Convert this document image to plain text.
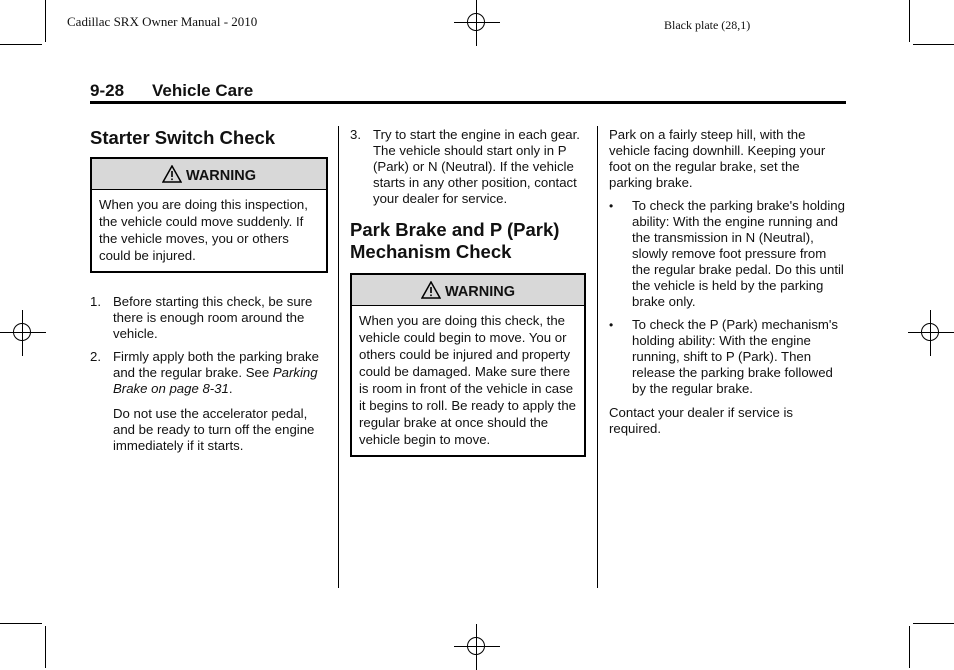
Cadillac SRX Owner Manual - 2010	Black plate (28,1)
9-28 Vehicle Care
Starter Switch Check
WARNING
When you are doing this inspection, the vehicle could move suddenly. If the vehicle moves, you or others could be injured.
1. Before starting this check, be sure there is enough room around the vehicle.
2. Firmly apply both the parking brake and the regular brake. See Parking Brake on page 8-31.

Do not use the accelerator pedal, and be ready to turn off the engine immediately if it starts.

3. Try to start the engine in each gear. The vehicle should start only in P (Park) or N (Neutral). If the vehicle starts in any other position, contact your dealer for service.
Park Brake and P (Park) Mechanism Check
WARNING
When you are doing this check, the vehicle could begin to move. You or others could be injured and property could be damaged. Make sure there is room in front of the vehicle in case it begins to roll. Be ready to apply the regular brake at once should the vehicle begin to move.

Park on a fairly steep hill, with the vehicle facing downhill. Keeping your foot on the regular brake, set the parking brake.

• To check the parking brake's holding ability: With the engine running and the transmission in N (Neutral), slowly remove foot pressure from the regular brake pedal. Do this until the vehicle is held by the parking brake only.
• To check the P (Park) mechanism's holding ability: With the engine running, shift to P (Park). Then release the parking brake followed by the regular brake.

Contact your dealer if service is required.
